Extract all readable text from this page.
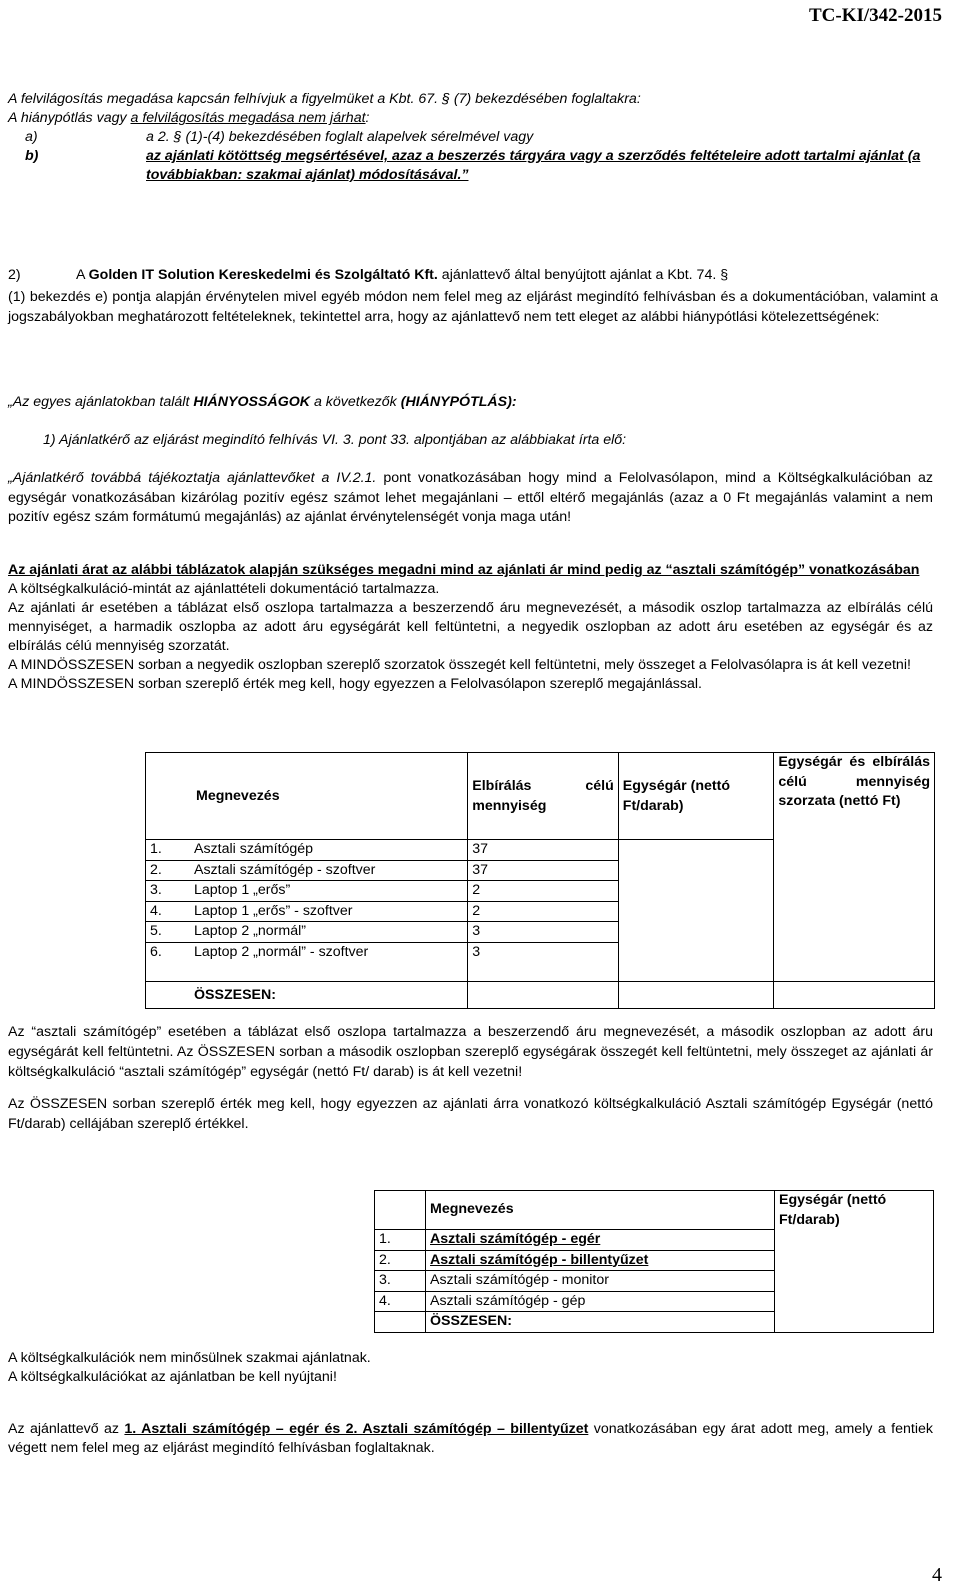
TC-KI/342-2015
A felvilágosítás megadása kapcsán felhívjuk a figyelmüket a Kbt. 67. § (7) bekezdésében foglaltakra:
A hiánypótlás vagy a felvilágosítás megadása nem járhat:
a)	a 2. § (1)-(4) bekezdésében foglalt alapelvek sérelmével vagy
b)	az ajánlati kötöttség megsértésével, azaz a beszerzés tárgyára vagy a szerződés feltételeire adott tartalmi ajánlat (a továbbiakban: szakmai ajánlat) módosításával.”
2)	A Golden IT Solution Kereskedelmi és Szolgáltató Kft. ajánlattevő által benyújtott ajánlat a Kbt. 74. §
(1) bekezdés e) pontja alapján érvénytelen mivel egyéb módon nem felel meg az eljárást megindító felhívásban és a dokumentációban, valamint a jogszabályokban meghatározott feltételeknek, tekintettel arra, hogy az ajánlattevő nem tett eleget az alábbi hiánypótlási kötelezettségének:
„Az egyes ajánlatokban talált HIÁNYOSSÁGOK a következők (HIÁNYPÓTLÁS):
1) Ajánlatkérő az eljárást megindító felhívás VI. 3. pont 33. alpontjában az alábbiakat írta elő:
„Ajánlatkérő továbbá tájékoztatja ajánlattevőket a IV.2.1. pont vonatkozásában hogy mind a Felolvasólapon, mind a Költségkalkulációban az egységár vonatkozásában kizárólag pozitív egész számot lehet megajánlani – ettől eltérő megajánlás (azaz a 0 Ft megajánlás valamint a nem pozitív egész szám formátumú megajánlás) az ajánlat érvénytelenségét vonja maga után!
Az ajánlati árat az alábbi táblázatok alapján szükséges megadni mind az ajánlati ár mind pedig az “asztali számítógép” vonatkozásában
A költségkalkuláció-mintát az ajánlattételi dokumentáció tartalmazza.
Az ajánlati ár esetében a táblázat első oszlopa tartalmazza a beszerzendő áru megnevezését, a második oszlop tartalmazza az elbírálás célú mennyiséget, a harmadik oszlopba az adott áru egységárát kell feltüntetni, a negyedik oszlopban az adott áru esetében az egységár és az elbírálás célú mennyiség szorzatát.
A MINDÖSSZESEN sorban a negyedik oszlopban szereplő szorzatok összegét kell feltüntetni, mely összeget a Felolvasólapra is át kell vezetni!
A MINDÖSSZESEN sorban szereplő érték meg kell, hogy egyezzen a Felolvasólapon szereplő megajánlással.
Megnevezés	Elbírálás célú mennyiség	Egységár (nettó Ft/darab)	Egységár és elbírálás célú mennyiség szorzata (nettó Ft)

1. Asztali számítógép	37		
2. Asztali számítógép - szoftver	37		
3. Laptop 1 „erős”	2		
4. Laptop 1 „erős” - szoftver	2		
5. Laptop 2 „normál”	3		
6. Laptop 2 „normál” - szoftver	3		
ÖSSZESEN:			
Az “asztali számítógép” esetében a táblázat első oszlopa tartalmazza a beszerzendő áru megnevezését, a második oszlopban az adott áru egységárát kell feltüntetni. Az ÖSSZESEN sorban a második oszlopban szereplő egységárak összegét kell feltüntetni, mely összeget az ajánlati ár költségkalkuláció “asztali számítógép” egységár (nettó Ft/ darab) is át kell vezetni!
Az ÖSSZESEN sorban szereplő érték meg kell, hogy egyezzen az ajánlati árra vonatkozó költségkalkuláció Asztali számítógép Egységár (nettó Ft/darab) cellájában szereplő értékkel.

	Megnevezés	Egységár (nettó Ft/darab)

1.	Asztali számítógép - egér	
2.	Asztali számítógép - billentyűzet	
3.	Asztali számítógép - monitor	
4.	Asztali számítógép - gép	
	ÖSSZESEN:	
A költségkalkulációk nem minősülnek szakmai ajánlatnak.
A költségkalkulációkat az ajánlatban be kell nyújtani!
Az ajánlattevő az 1. Asztali számítógép – egér és 2. Asztali számítógép – billentyűzet vonatkozásában egy árat adott meg, amely a fentiek végett nem felel meg az eljárást megindító felhívásban foglaltaknak.
4
